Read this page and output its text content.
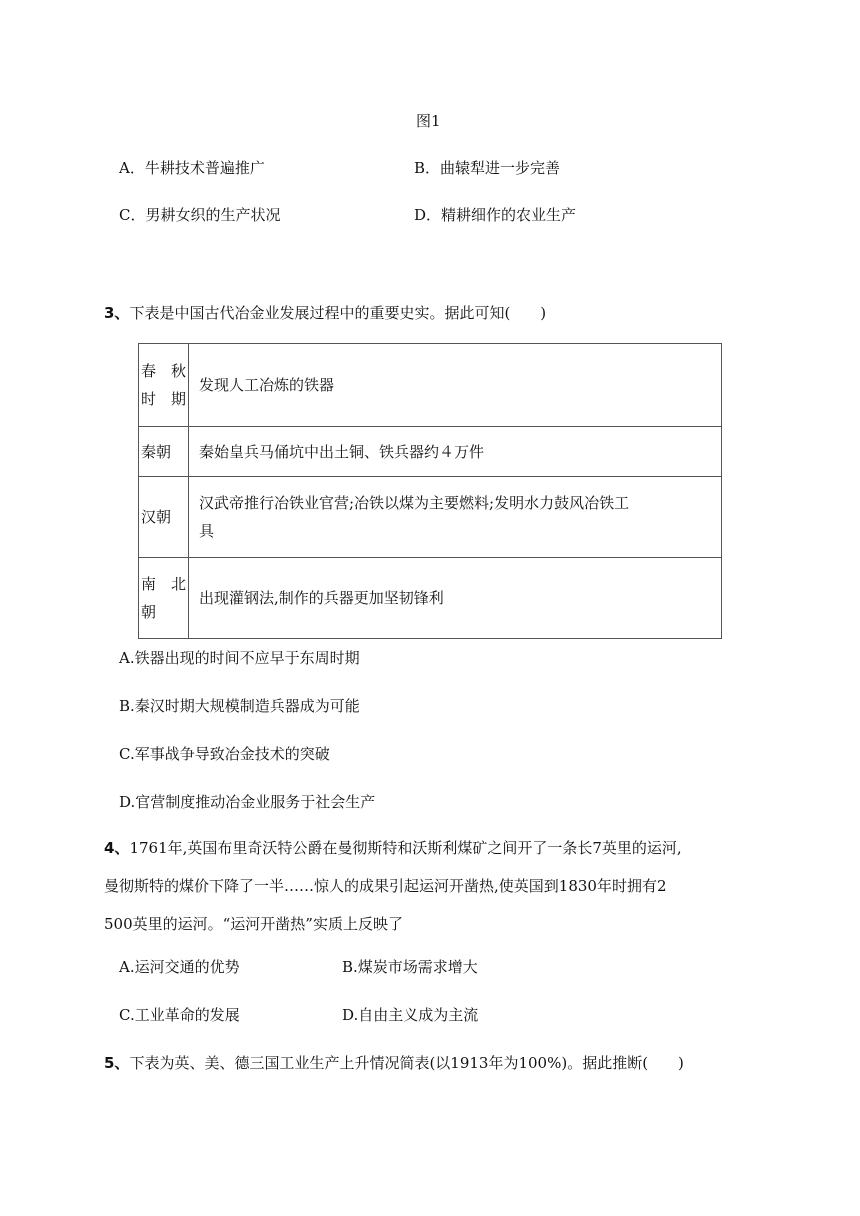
图1
A．牛耕技术普遍推广	B．曲辕犁进一步完善
C．男耕女织的生产状况	D．精耕细作的农业生产
3、下表是中国古代冶金业发展过程中的重要史实。据此可知(　　)
春　秋
时期	发现人工冶炼的铁器
秦朝	秦始皇兵马俑坑中出土铜、铁兵器约４万件
汉朝	汉武帝推行冶铁业官营;冶铁以煤为主要燃料;发明水力鼓风冶铁工
具

南　北
朝	出现灌钢法,制作的兵器更加坚韧锋利
A.铁器出现的时间不应早于东周时期
B.秦汉时期大规模制造兵器成为可能
C.军事战争导致冶金技术的突破
D.官营制度推动冶金业服务于社会生产
4、1761年,英国布里奇沃特公爵在曼彻斯特和沃斯利煤矿之间开了一条长7英里的运河,
曼彻斯特的煤价下降了一半……惊人的成果引起运河开凿热,使英国到1830年时拥有2
500英里的运河。“运河开凿热”实质上反映了
A.运河交通的优势	B.煤炭市场需求增大
C.工业革命的发展	D.自由主义成为主流
5、下表为英、美、德三国工业生产上升情况简表(以1913年为100%)。据此推断(　　)
